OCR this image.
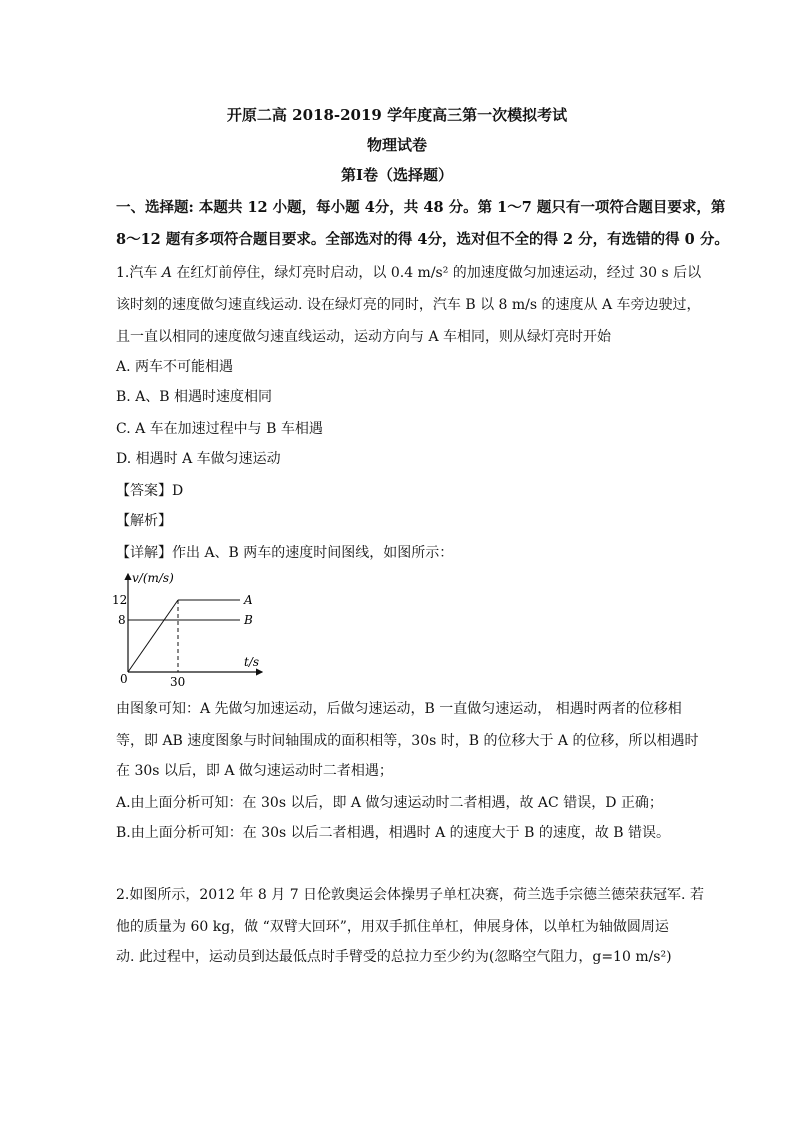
开原二高 2018-2019 学年度高三第一次模拟考试
物理试卷
第Ⅰ卷（选择题）
一、选择题: 本题共 12 小题，每小题 4分，共 48 分。第 1～7 题只有一项符合题目要求，第
8～12 题有多项符合题目要求。全部选对的得 4分，选对但不全的得 2 分，有选错的得 0 分。
1.汽车 A 在红灯前停住，绿灯亮时启动，以 0.4 m/s² 的加速度做匀加速运动，经过 30 s 后以
该时刻的速度做匀速直线运动. 设在绿灯亮的同时，汽车 B 以 8 m/s 的速度从 A 车旁边驶过，
且一直以相同的速度做匀速直线运动，运动方向与 A 车相同，则从绿灯亮时开始
A. 两车不可能相遇
B. A、B 相遇时速度相同
C. A 车在加速过程中与 B 车相遇
D. 相遇时 A 车做匀速运动
【答案】D
【解析】
【详解】作出 A、B 两车的速度时间图线，如图所示：
v/(m/s)
t/s
12
8
30
0
A
B
由图象可知：A 先做匀加速运动，后做匀速运动，B 一直做匀速运动， 相遇时两者的位移相
等，即 AB 速度图象与时间轴围成的面积相等，30s 时，B 的位移大于 A 的位移，所以相遇时
在 30s 以后，即 A 做匀速运动时二者相遇；
A.由上面分析可知：在 30s 以后，即 A 做匀速运动时二者相遇，故 AC 错误，D 正确；
B.由上面分析可知：在 30s 以后二者相遇，相遇时 A 的速度大于 B 的速度，故 B 错误。
2.如图所示，2012 年 8 月 7 日伦敦奥运会体操男子单杠决赛，荷兰选手宗德兰德荣获冠军. 若
他的质量为 60 kg，做 “双臂大回环”，用双手抓住单杠，伸展身体，以单杠为轴做圆周运
动. 此过程中，运动员到达最低点时手臂受的总拉力至少约为(忽略空气阻力，g=10 m/s²)
